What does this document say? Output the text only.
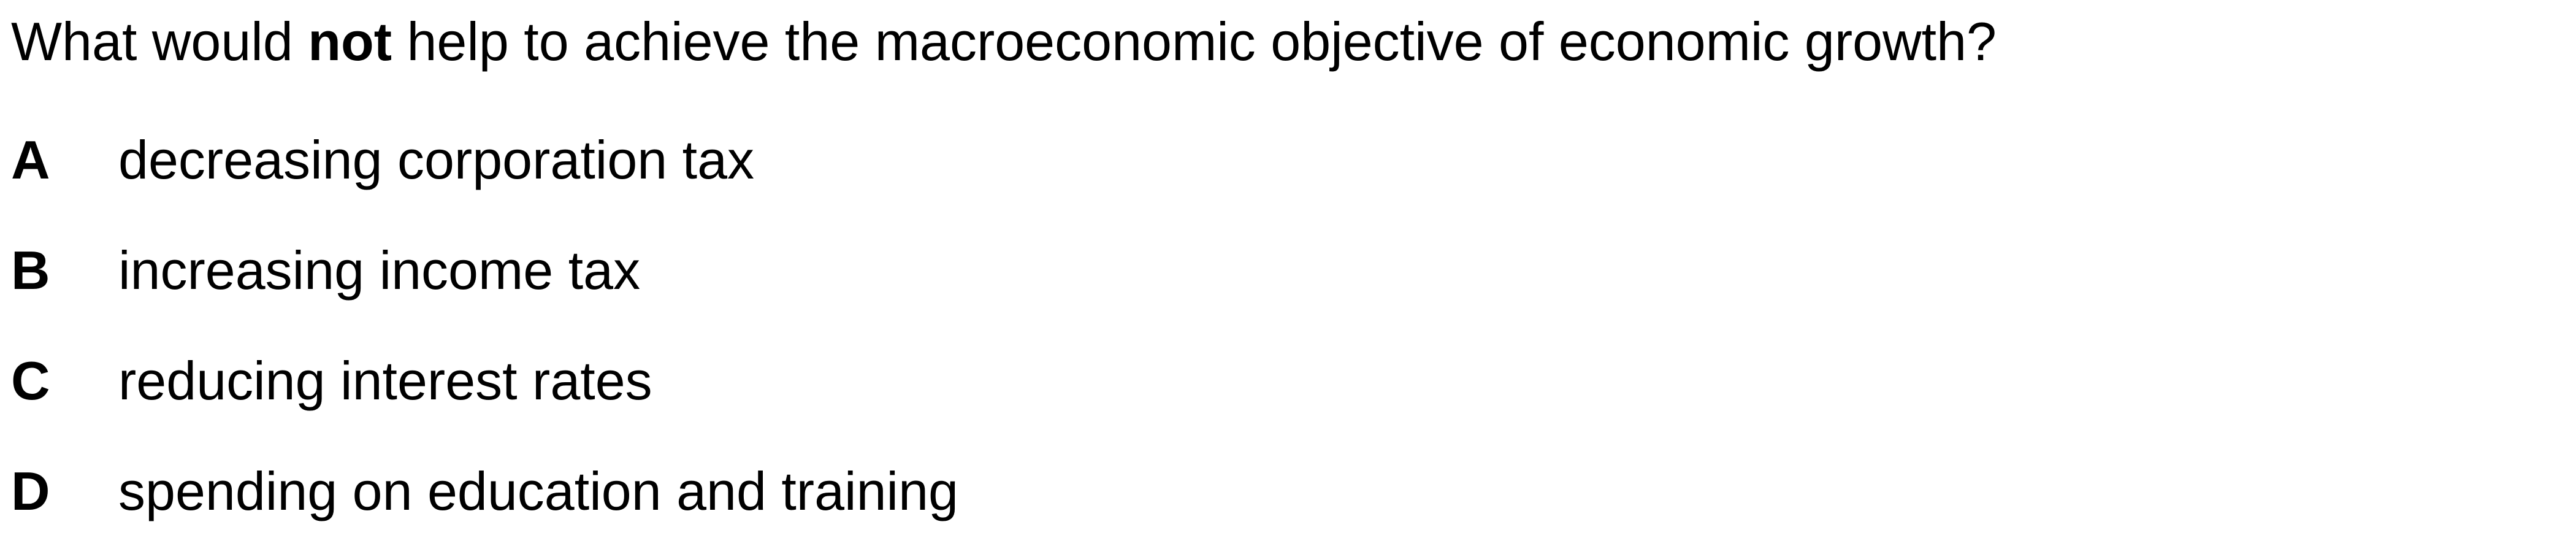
What would not help to achieve the macroeconomic objective of economic growth?
A	decreasing corporation tax
B	increasing income tax
C	reducing interest rates
D	spending on education and training
